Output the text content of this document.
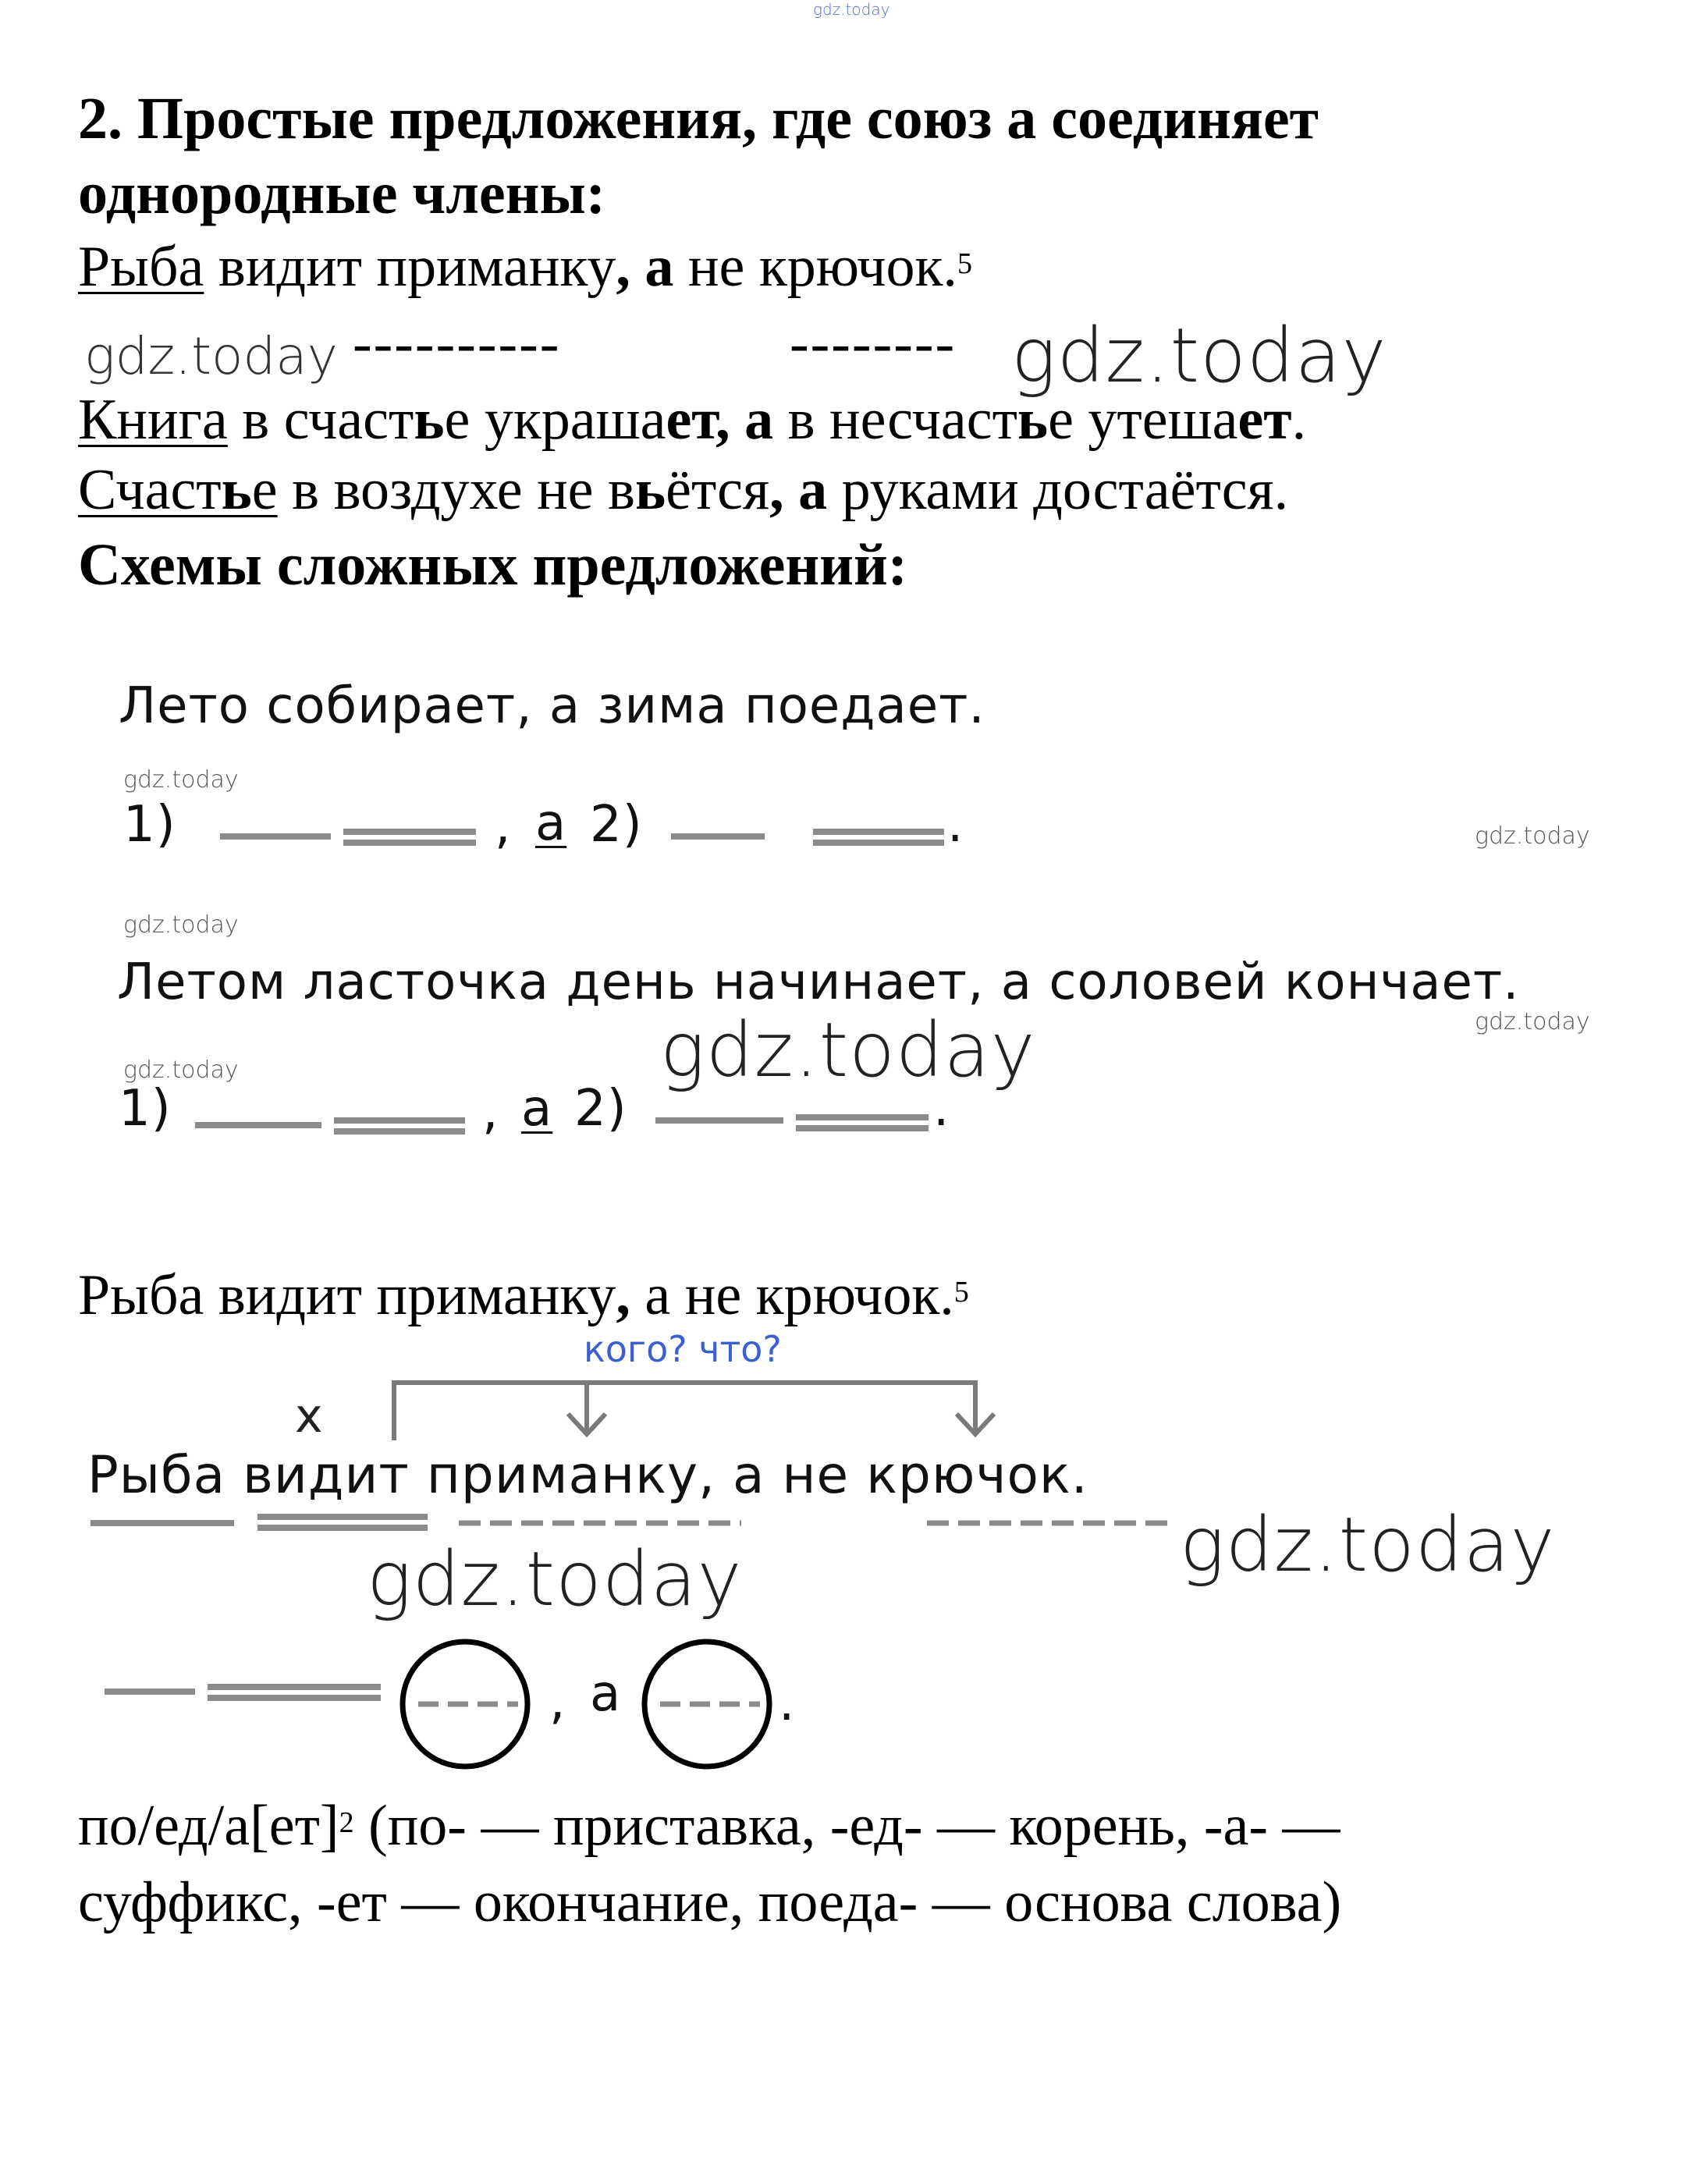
gdz.today
2. Простые предложения, где союз а соединяет
однородные члены:
Рыба видит приманку, а не крючок.$^5$
gdz.today ----------	-------- gdz.today
Книга в счастье украшает, а в несчастье утешает.
Счастье в воздухе не вьётся, а руками достаётся.
Схемы сложных предложений:
Лето собирает, а зима поедает.
gdz.today
1)	, а 2)	.	gdz.today
gdz.today
Летом ласточка день начинает, а соловей кончает.
gdz.today
gdz.today
gdz.today
1)	, а 2)	.
Рыба видит приманку, а не крючок.$^5$
кого? что?
x
Рыба видит приманку, а не крючок.
gdz.today
gdz.today
, а	.
по/ед/а[ет]$^2$ (по- — приставка, -ед- — корень, -а- —
суффикс, -ет — окончание, поеда- — основа слова)
